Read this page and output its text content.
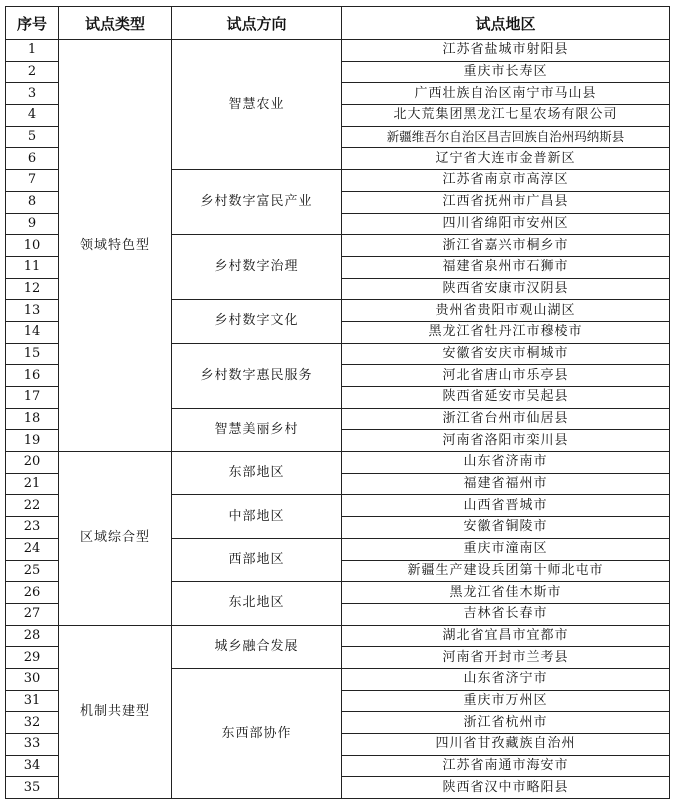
序号	试点类型	试点方向	试点地区
1	领域特色型	智慧农业	江苏省盐城市射阳县
2			重庆市长寿区
3			广西壮族自治区南宁市马山县
4			北大荒集团黑龙江七星农场有限公司
5			新疆维吾尔自治区昌吉回族自治州玛纳斯县
6			辽宁省大连市金普新区
7		乡村数字富民产业	江苏省南京市高淳区
8			江西省抚州市广昌县
9			四川省绵阳市安州区
10		乡村数字治理	浙江省嘉兴市桐乡市
11			福建省泉州市石狮市
12			陕西省安康市汉阴县
13		乡村数字文化	贵州省贵阳市观山湖区
14			黑龙江省牡丹江市穆棱市
15		乡村数字惠民服务	安徽省安庆市桐城市
16			河北省唐山市乐亭县
17			陕西省延安市吴起县
18		智慧美丽乡村	浙江省台州市仙居县
19			河南省洛阳市栾川县
20	区域综合型	东部地区	山东省济南市
21			福建省福州市
22		中部地区	山西省晋城市
23			安徽省铜陵市
24		西部地区	重庆市潼南区
25			新疆生产建设兵团第十师北屯市
26		东北地区	黑龙江省佳木斯市
27			吉林省长春市
28	机制共建型	城乡融合发展	湖北省宜昌市宜都市
29			河南省开封市兰考县
30		东西部协作	山东省济宁市
31			重庆市万州区
32			浙江省杭州市
33			四川省甘孜藏族自治州
34			江苏省南通市海安市
35			陕西省汉中市略阳县
